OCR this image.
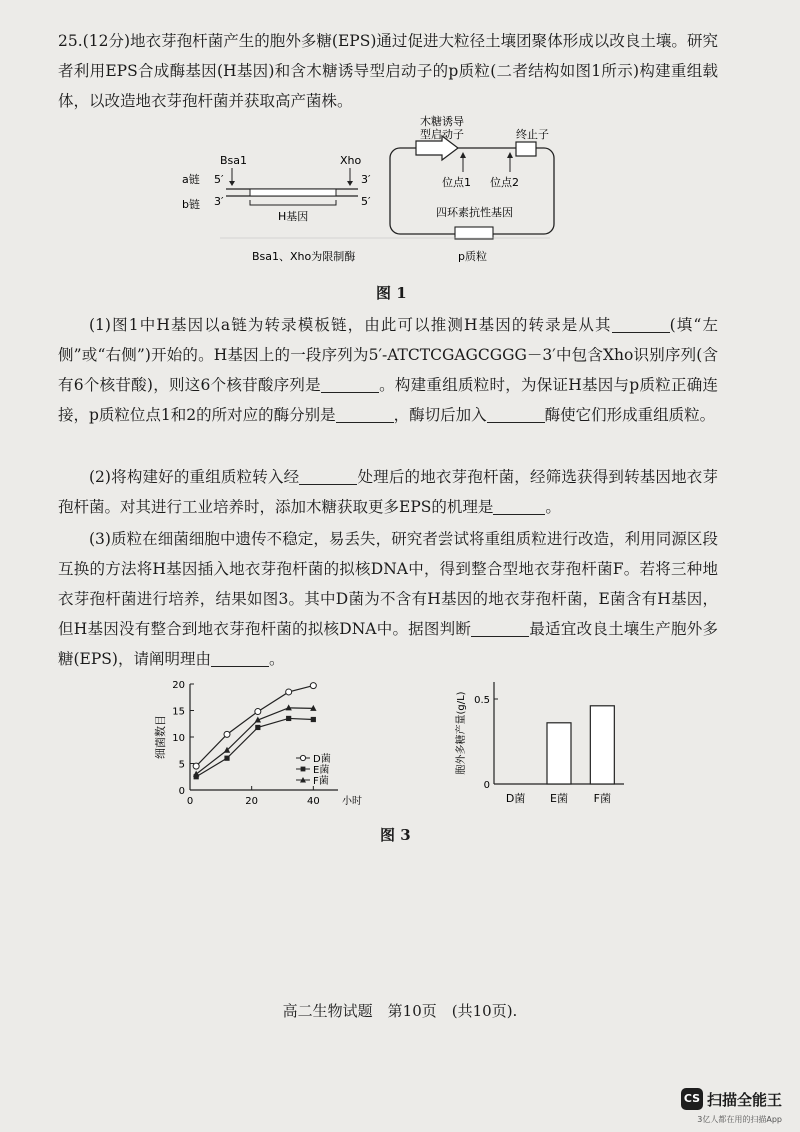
25.(12分)地衣芽孢杆菌产生的胞外多糖(EPS)通过促进大粒径土壤团聚体形成以改良土壤。研究者利用EPS合成酶基因(H基因)和含木糖诱导型启动子的p质粒(二者结构如图1所示)构建重组载体，以改造地衣芽孢杆菌并获取高产菌株。

a链
b链
5′
3′
3′
5′
Bsa1	Xho
H基因
木糖诱导
型启动子	终止子
位点1 位点2
四环素抗性基因
Bsa1、Xho为限制酶	p质粒
图 1

(1)图1中H基因以a链为转录模板链，由此可以推测H基因的转录是从其	(填“左侧”或“右侧”)开始的。H基因上的一段序列为5′-ATCTCGAGCGGG－3′中包含Xho识别序列(含有6个核苷酸)，则这6个核苷酸序列是	。构建重组质粒时，为保证H基因与p质粒正确连接，p质粒位点1和2的所对应的酶分别是	，酶切后加入	酶使它们形成重组质粒。

(2)将构建好的重组质粒转入经	处理后的地衣芽孢杆菌，经筛选获得到转基因地衣芽孢杆菌。对其进行工业培养时，添加木糖获取更多EPS的机理是	。

(3)质粒在细菌细胞中遗传不稳定，易丢失，研究者尝试将重组质粒进行改造，利用同源区段互换的方法将H基因插入地衣芽孢杆菌的拟核DNA中，得到整合型地衣芽孢杆菌F。若将三种地衣芽孢杆菌进行培养，结果如图3。其中D菌为不含有H基因的地衣芽孢杆菌，E菌含有H基因，但H基因没有整合到地衣芽孢杆菌的拟核DNA中。据图判断	最适宜改良土壤生产胞外多糖(EPS)，请阐明理由	。

0
5
10
15
20
0	20	40 小时
细菌数目
D菌
E菌
F菌	0
0.5
胞外多糖产量(g/L)
D菌 E菌 F菌
图 3
高二生物试题　第10页　(共10页).
CS 扫描全能王
3亿人都在用的扫描App
